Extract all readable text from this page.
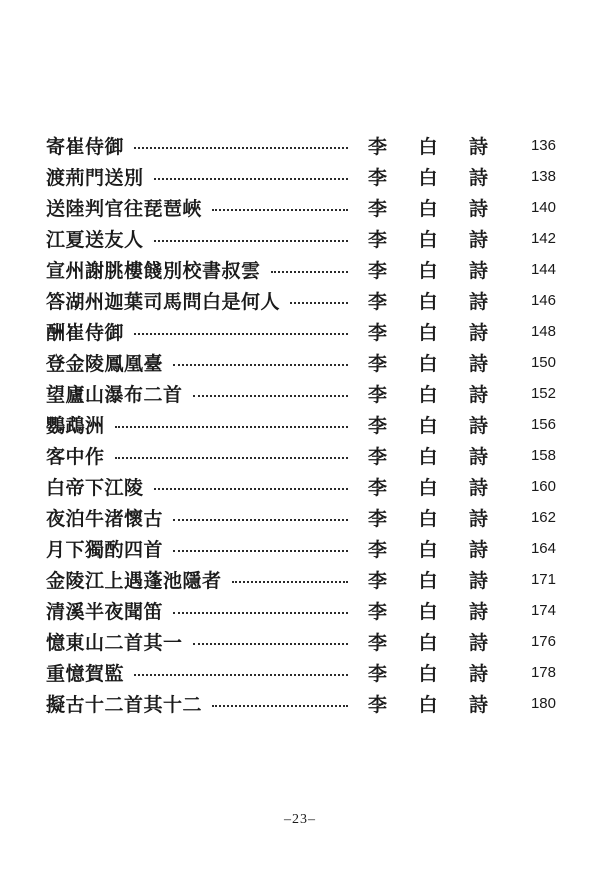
寄崔侍御	李 白 詩	136
渡荊門送別	李 白 詩	138
送陸判官往琵琶峽	李 白 詩	140
江夏送友人	李 白 詩	142
宣州謝朓樓餞別校書叔雲	李 白 詩	144
答湖州迦葉司馬問白是何人	李 白 詩	146
酬崔侍御	李 白 詩	148
登金陵鳳凰臺	李 白 詩	150
望廬山瀑布二首	李 白 詩	152
鸚鵡洲	李 白 詩	156
客中作	李 白 詩	158
白帝下江陵	李 白 詩	160
夜泊牛渚懷古	李 白 詩	162
月下獨酌四首	李 白 詩	164
金陵江上遇蓬池隱者	李 白 詩	171
清溪半夜聞笛	李 白 詩	174
憶東山二首其一	李 白 詩	176
重憶賀監	李 白 詩	178
擬古十二首其十二	李 白 詩	180
–23–
